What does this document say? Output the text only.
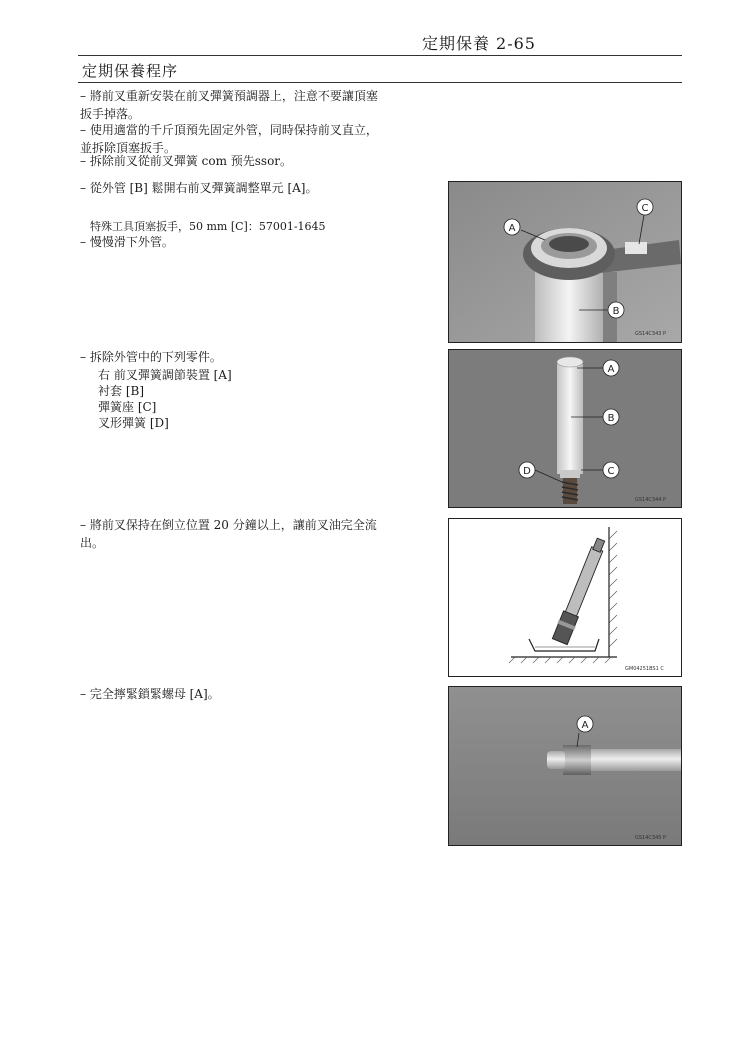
定期保養 2-65
定期保養程序
– 將前叉重新安裝在前叉彈簧預調器上，注意不要讓頂塞
扳手掉落。
– 使用適當的千斤頂預先固定外管，同時保持前叉直立，
並拆除頂塞扳手。
– 拆除前叉從前叉彈簧 com 预先ssor。
– 從外管 [B] 鬆開右前叉彈簧調整單元 [A]。
特殊工具頂塞扳手，50 mm [C]：57001-1645
– 慢慢滑下外管。
– 拆除外管中的下列零件。
右 前叉彈簧調節裝置 [A]
衬套 [B]
彈簧座 [C]
叉形彈簧 [D]
– 將前叉保持在倒立位置 20 分鐘以上，讓前叉油完全流
出。
– 完全擰緊鎖緊螺母 [A]。
A
C
B
GS14C343 P
A
B
C
D
GS14C344 P
GM04251BS1 C
A
GS14C345 P
